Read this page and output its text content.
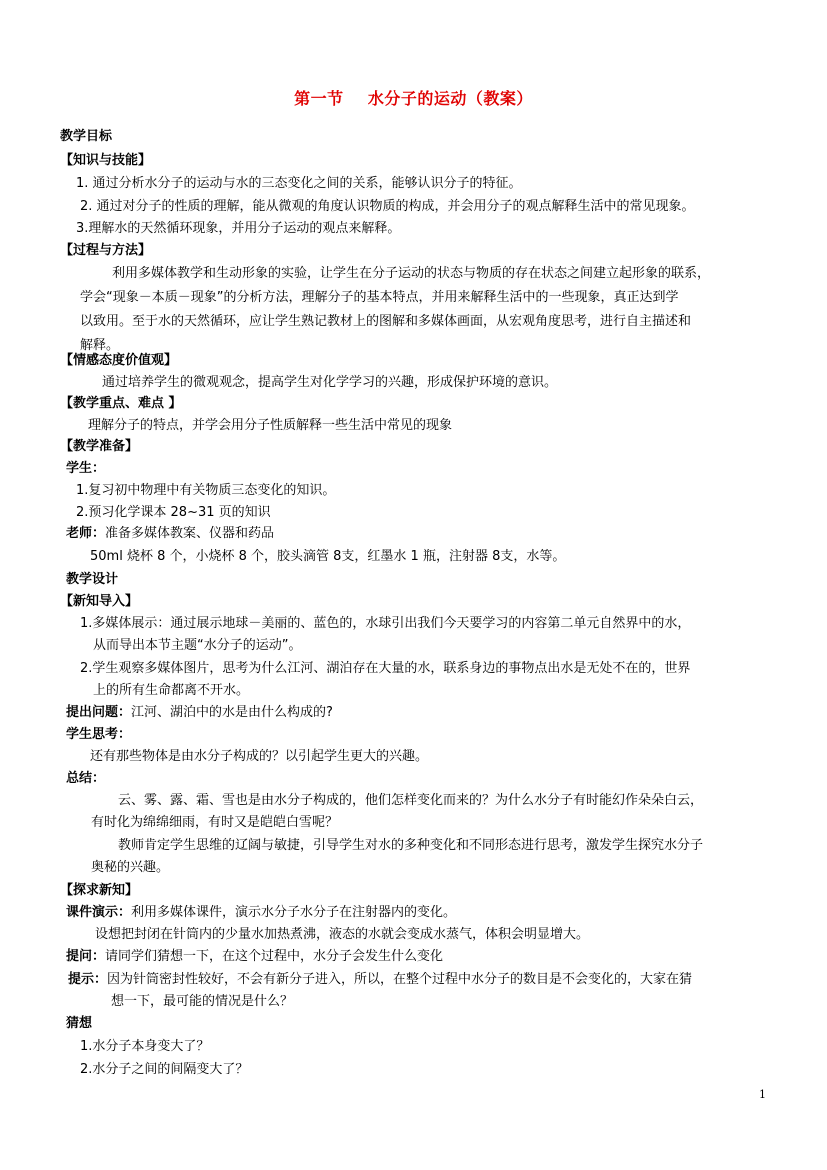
第一节    水分子的运动（教案）
教学目标
【知识与技能】
1. 通过分析水分子的运动与水的三态变化之间的关系，能够认识分子的特征。
2. 通过对分子的性质的理解，能从微观的角度认识物质的构成，并会用分子的观点解释生活中的常见现象。
3.理解水的天然循环现象，并用分子运动的观点来解释。
【过程与方法】
利用多媒体教学和生动形象的实验，让学生在分子运动的状态与物质的存在状态之间建立起形象的联系，
学会“现象－本质－现象”的分析方法，理解分子的基本特点，并用来解释生活中的一些现象，真正达到学
以致用。至于水的天然循环，应让学生熟记教材上的图解和多媒体画面，从宏观角度思考，进行自主描述和
解释。
【情感态度价值观】
通过培养学生的微观观念，提高学生对化学学习的兴趣，形成保护环境的意识。
【教学重点、难点 】
理解分子的特点，并学会用分子性质解释一些生活中常见的现象
【教学准备】
学生：
1.复习初中物理中有关物质三态变化的知识。
2.预习化学课本 28~31 页的知识
老师：准备多媒体教案、仪器和药品
50ml 烧杯 8 个，小烧杯 8 个，胶头滴管 8支，红墨水 1 瓶，注射器 8支，水等。
教学设计
【新知导入】
1.多媒体展示：通过展示地球－美丽的、蓝色的，水球引出我们今天要学习的内容第二单元自然界中的水，
从而导出本节主题“水分子的运动”。
2.学生观察多媒体图片，思考为什么江河、湖泊存在大量的水，联系身边的事物点出水是无处不在的，世界
上的所有生命都离不开水。
提出问题：江河、湖泊中的水是由什么构成的?
学生思考：
还有那些物体是由水分子构成的？以引起学生更大的兴趣。
总结：
云、雾、露、霜、雪也是由水分子构成的，他们怎样变化而来的？为什么水分子有时能幻作朵朵白云，
有时化为绵绵细雨，有时又是皑皑白雪呢？
教师肯定学生思维的辽阔与敏捷，引导学生对水的多种变化和不同形态进行思考，激发学生探究水分子
奥秘的兴趣。
【探求新知】
课件演示：利用多媒体课件，演示水分子水分子在注射器内的变化。
设想把封闭在针筒内的少量水加热煮沸，液态的水就会变成水蒸气，体积会明显增大。
提问：请同学们猜想一下，在这个过程中，水分子会发生什么变化
提示：因为针筒密封性较好，不会有新分子进入，所以，在整个过程中水分子的数目是不会变化的，大家在猜
想一下，最可能的情况是什么？
猜想
1.水分子本身变大了？
2.水分子之间的间隔变大了？
1
